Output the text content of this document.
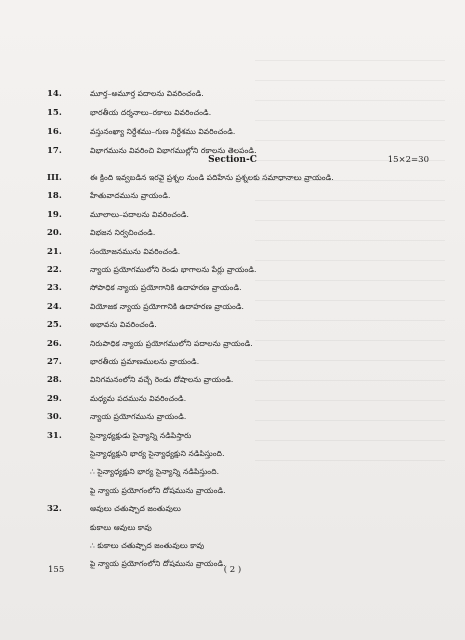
14.	మూర్త–అమూర్త పదాలను వివరించండి.
15.	భారతీయ దర్శనాలు–రకాలు వివరించండి.
16.	వస్తునంఖ్యా నిర్దేశము–గుణ నిర్దేశము వివరించండి.
17.	విభాగమును వివరించి విభాగముల్లోని రకాలను తెలపండి.
Section-C	15×2=30
III.	ఈ క్రింది ఇవ్వబడిన ఇరవై ప్రశ్నల నుండి పదిహేను ప్రశ్నలకు సమాధానాలు వ్రాయండి.
18.	హేతువాదమును వ్రాయండి.
19.	మూలాలు–పదాలను వివరించండి.
20.	విభజన నిర్వచించండి.
21.	సంయోజనమును వివరించండి.
22.	న్యాయ ప్రయోగములోని రెండు భాగాలను పేర్లు వ్రాయండి.
23.	సోపాధిక న్యాయ ప్రయోగానికి ఉదాహరణ వ్రాయండి.
24.	వియోజక న్యాయ ప్రయోగానికి ఉదాహరణ వ్రాయండి.
25.	అభావను వివరించండి.
26.	నిరుపాధిక న్యాయ ప్రయోగములోని పదాలను వ్రాయండి.
27.	భారతీయ ప్రమాణములను వ్రాయండి.
28.	వినిగమనంలోని వచ్చే రెండు దోషాలను వ్రాయండి.
29.	మధ్యమ పదమును వివరించండి.
30.	న్యాయ ప్రయోగమును వ్రాయండి.
31.	సైన్యాధ్యక్షుడు సైన్యాన్ని నడిపిస్తారు
సైన్యాధ్యక్షుని భార్య సైన్యాధ్యక్షుని నడిపిస్తుంది.
∴ సైన్యాధ్యక్షుని భార్య సైన్యాన్ని నడిపిస్తుంది.
పై న్యాయ ప్రయోగంలోని దోషమును వ్రాయండి.
32.	ఆవులు చతుష్పాద జంతువులు
కుకాలు ఆవులు కావు
∴ కుకాలు చతుష్పాద జంతువులు కావు
పై న్యాయ ప్రయోగంలోని దోషమును వ్రాయండి.
155	( 2 )
